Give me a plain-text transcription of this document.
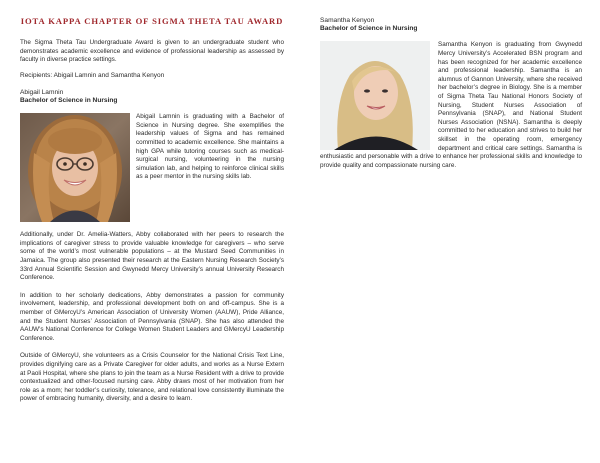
IOTA KAPPA CHAPTER OF SIGMA THETA TAU AWARD

The Sigma Theta Tau Undergraduate Award is given to an undergraduate student who demonstrates academic excellence and evidence of professional leadership as assessed by faculty in diverse practice settings.

Recipients: Abigail Lamnin and Samantha Kenyon

Abigail Lamnin

Bachelor of Science in Nursing

Abigail Lamnin is graduating with a Bachelor of Science in Nursing degree. She exemplifies the leadership values of Sigma and has remained committed to academic excellence. She maintains a high GPA while tutoring courses such as medical-surgical nursing, volunteering in the nursing simulation lab, and helping to reinforce clinical skills as a peer mentor in the nursing skills lab.

Additionally, under Dr. Amelia-Watters, Abby collaborated with her peers to research the implications of caregiver stress to provide valuable knowledge for caregivers – who serve some of the world’s most vulnerable populations – at the Mustard Seed Communities in Jamaica. The group also presented their research at the Eastern Nursing Research Society’s 33rd Annual Scientific Session and Gwynedd Mercy University’s annual University Research Conference.

In addition to her scholarly dedications, Abby demonstrates a passion for community involvement, leadership, and professional development both on and off-campus. She is a member of GMercyU’s American Association of University Women (AAUW), Pride Alliance, and the Student Nurses’ Association of Pennsylvania (SNAP). She has also attended the AAUW’s National Conference for College Women Student Leaders and GMercyU Leadership Conference.

Outside of GMercyU, she volunteers as a Crisis Counselor for the National Crisis Text Line, provides dignifying care as a Private Caregiver for older adults, and works as a Nurse Extern at Paoli Hospital, where she plans to join the team as a Nurse Resident with a drive to provide contextualized and other-focused nursing care. Abby draws most of her motivation from her role as a mom; her toddler’s curiosity, tolerance, and relational love consistently illuminate the power of embracing humanity, diversity, and a desire to learn.

Samantha Kenyon

Bachelor of Science in Nursing

Samantha Kenyon is graduating from Gwynedd Mercy University’s Accelerated BSN program and has been recognized for her academic excellence and professional leadership. Samantha is an alumnus of Gannon University, where she received her bachelor’s degree in Biology. She is a member of Sigma Theta Tau National Honors Society of Nursing, Student Nurses Association of Pennsylvania (SNAP), and National Student Nurses Association (NSNA). Samantha is deeply committed to her education and strives to build her skillset in the operating room, emergency department and critical care settings. Samantha is enthusiastic and personable with a drive to enhance her professional skills and knowledge to provide quality and compassionate nursing care.
